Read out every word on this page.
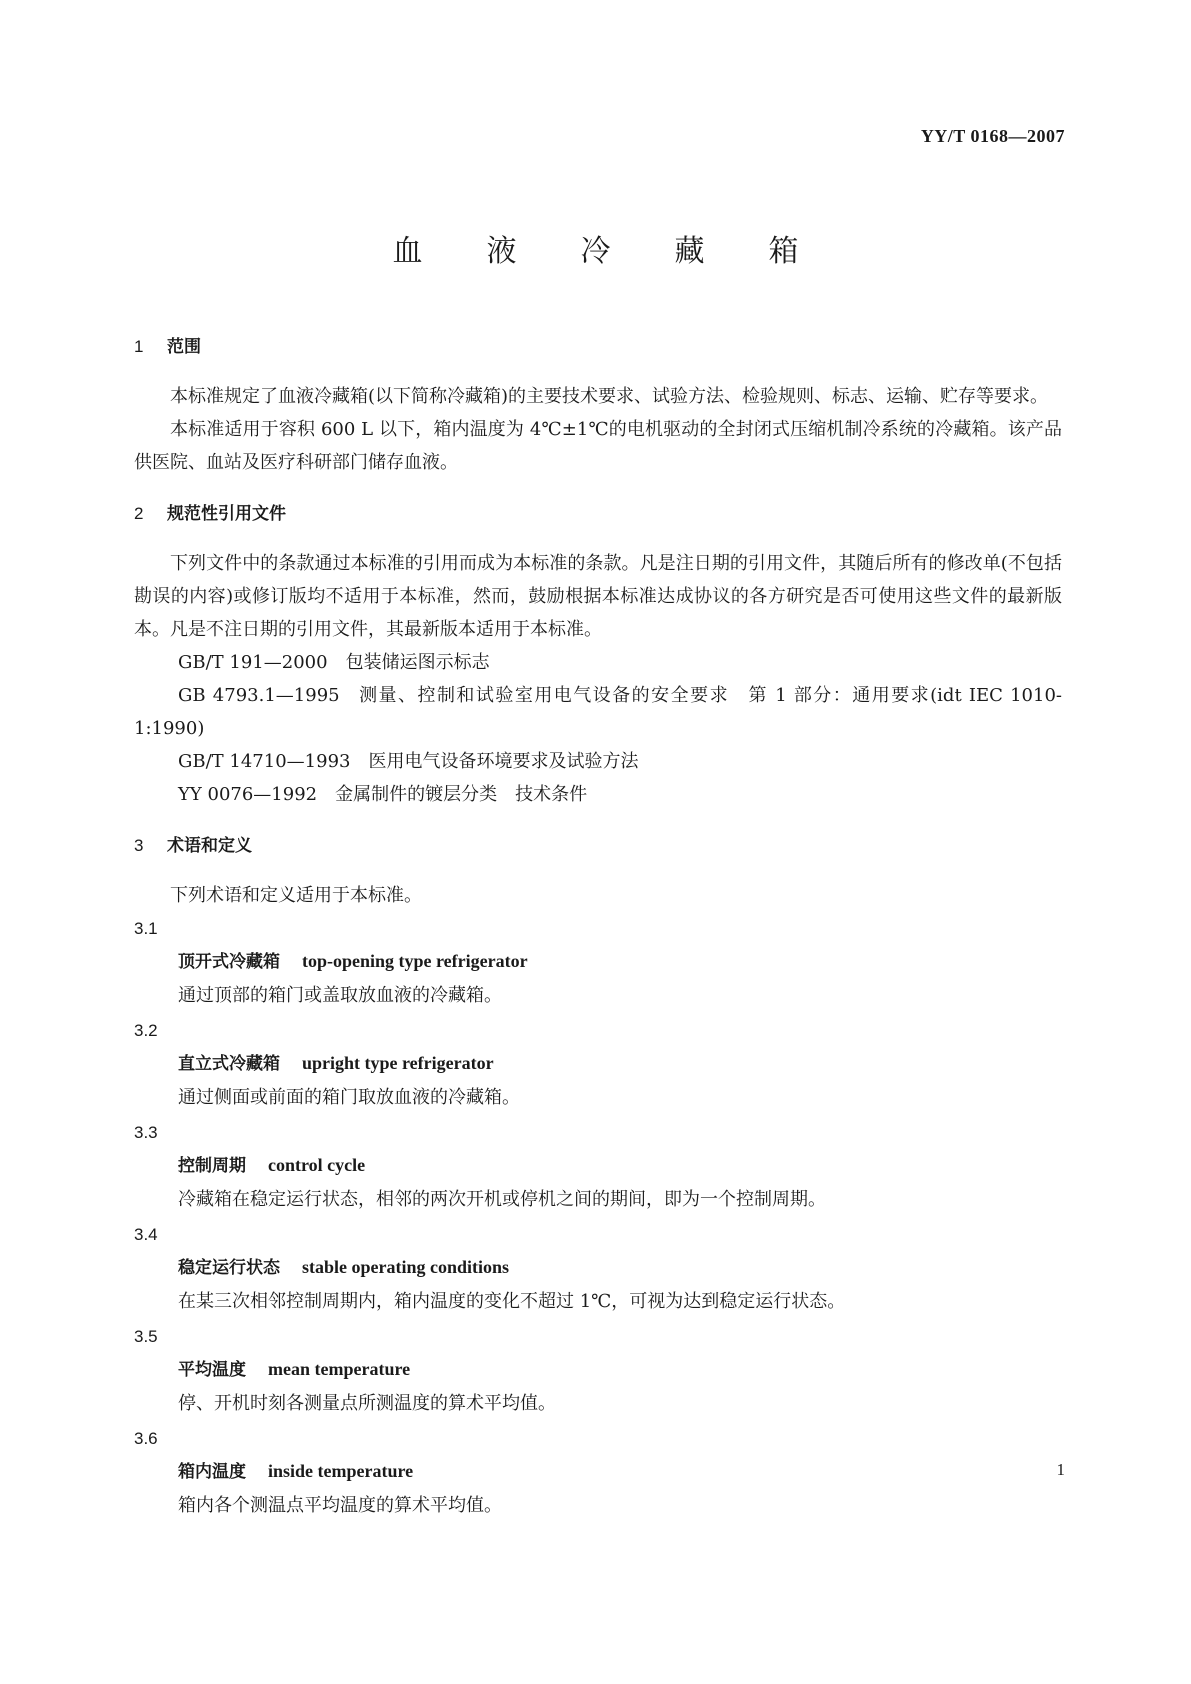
YY/T 0168—2007
血液冷藏箱
1 范围

本标准规定了血液冷藏箱(以下简称冷藏箱)的主要技术要求、试验方法、检验规则、标志、运输、贮存等要求。

本标准适用于容积 600 L 以下，箱内温度为 4℃±1℃的电机驱动的全封闭式压缩机制冷系统的冷藏箱。该产品供医院、血站及医疗科研部门储存血液。

2 规范性引用文件

下列文件中的条款通过本标准的引用而成为本标准的条款。凡是注日期的引用文件，其随后所有的修改单(不包括勘误的内容)或修订版均不适用于本标准，然而，鼓励根据本标准达成协议的各方研究是否可使用这些文件的最新版本。凡是不注日期的引用文件，其最新版本适用于本标准。

GB/T 191—2000 包装储运图示标志

GB 4793.1—1995 测量、控制和试验室用电气设备的安全要求　第 1 部分：通用要求(idt IEC 1010-1:1990)

GB/T 14710—1993 医用电气设备环境要求及试验方法

YY 0076—1992 金属制件的镀层分类　技术条件

3 术语和定义

下列术语和定义适用于本标准。

3.1
顶开式冷藏箱 top-opening type refrigerator

通过顶部的箱门或盖取放血液的冷藏箱。

3.2
直立式冷藏箱 upright type refrigerator

通过侧面或前面的箱门取放血液的冷藏箱。

3.3
控制周期 control cycle

冷藏箱在稳定运行状态，相邻的两次开机或停机之间的期间，即为一个控制周期。

3.4
稳定运行状态 stable operating conditions

在某三次相邻控制周期内，箱内温度的变化不超过 1℃，可视为达到稳定运行状态。

3.5
平均温度 mean temperature

停、开机时刻各测量点所测温度的算术平均值。

3.6
箱内温度 inside temperature

箱内各个测温点平均温度的算术平均值。

1
